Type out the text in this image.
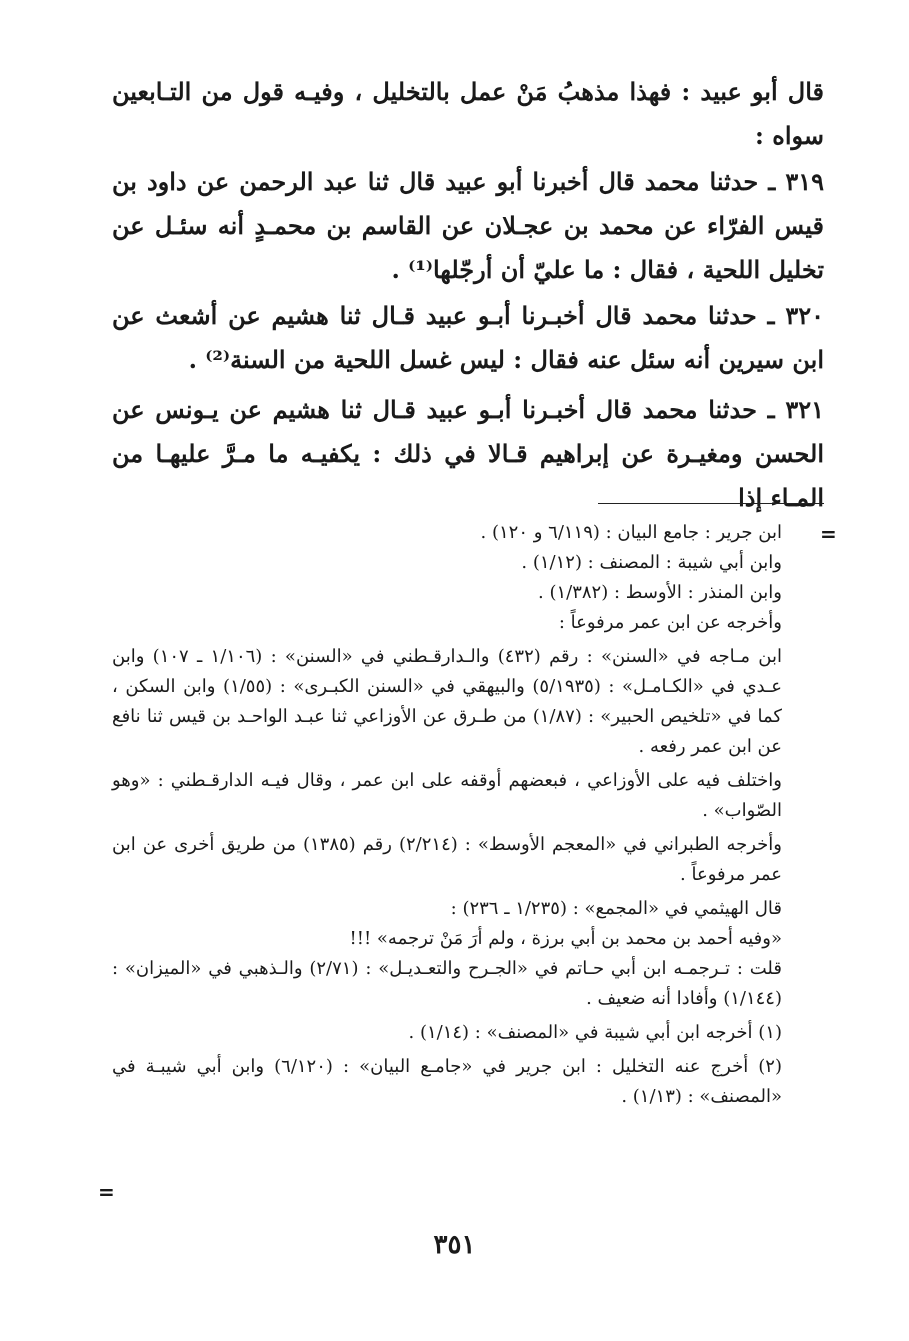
قال أبو عبيد : فهذا مذهبُ مَنْ عمل بالتخليل ، وفيـه قول من التـابعين سواه :

٣١٩ ـ حدثنا محمد قال أخبرنا أبو عبيد قال ثنا عبد الرحمن عن داود بن قيس الفرّاء عن محمد بن عجـلان عن القاسم بن محمـدٍ أنه سئـل عن تخليل اللحية ، فقال : ما عليّ أن أرجّلها⁽¹⁾ .

٣٢٠ ـ حدثنا محمد قال أخبـرنا أبـو عبيد قـال ثنا هشيم عن أشعث عن ابن سيرين أنه سئل عنه فقال : ليس غسل اللحية من السنة⁽²⁾ .

٣٢١ ـ حدثنا محمد قال أخبـرنا أبـو عبيد قـال ثنا هشيم عن يـونس عن الحسن ومغيـرة عن إبراهيم قـالا في ذلك : يكفيـه ما مـرَّ عليهـا من المـاء إذا

=

ابن جرير : جامع البيان : (٦/١١٩ و ١٢٠) .

وابن أبي شيبة : المصنف : (١/١٢) .

وابن المنذر : الأوسط : (١/٣٨٢) .

وأخرجه عن ابن عمر مرفوعاً :

ابن مـاجه في «السنن» : رقم (٤٣٢) والـدارقـطني في «السنن» : (١/١٠٦ ـ ١٠٧) وابن عـدي في «الكـامـل» : (٥/١٩٣٥) والبيهقي في «السنن الكبـرى» : (١/٥٥) وابن السكن ، كما في «تلخيص الحبير» : (١/٨٧) من طـرق عن الأوزاعي ثنا عبـد الواحـد بن قيس ثنا نافع عن ابن عمر رفعه .

واختلف فيه على الأوزاعي ، فبعضهم أوقفه على ابن عمر ، وقال فيـه الدارقـطني : «وهو الصّواب» .

وأخرجه الطبراني في «المعجم الأوسط» : (٢/٢١٤) رقم (١٣٨٥) من طريق أخرى عن ابن عمر مرفوعاً .

قال الهيثمي في «المجمع» : (١/٢٣٥ ـ ٢٣٦) :

«وفيه أحمد بن محمد بن أبي برزة ، ولم أرَ مَنْ ترجمه» !!!

قلت : تـرجمـه ابن أبي حـاتم في «الجـرح والتعـديـل» : (٢/٧١) والـذهبي في «الميزان» : (١/١٤٤) وأفادا أنه ضعيف .

(١) أخرجه ابن أبي شيبة في «المصنف» : (١/١٤) .

(٢) أخرج عنه التخليل : ابن جرير في «جامـع البيان» : (٦/١٢٠) وابن أبي شيبـة في «المصنف» : (١/١٣) .

=
٣٥١
